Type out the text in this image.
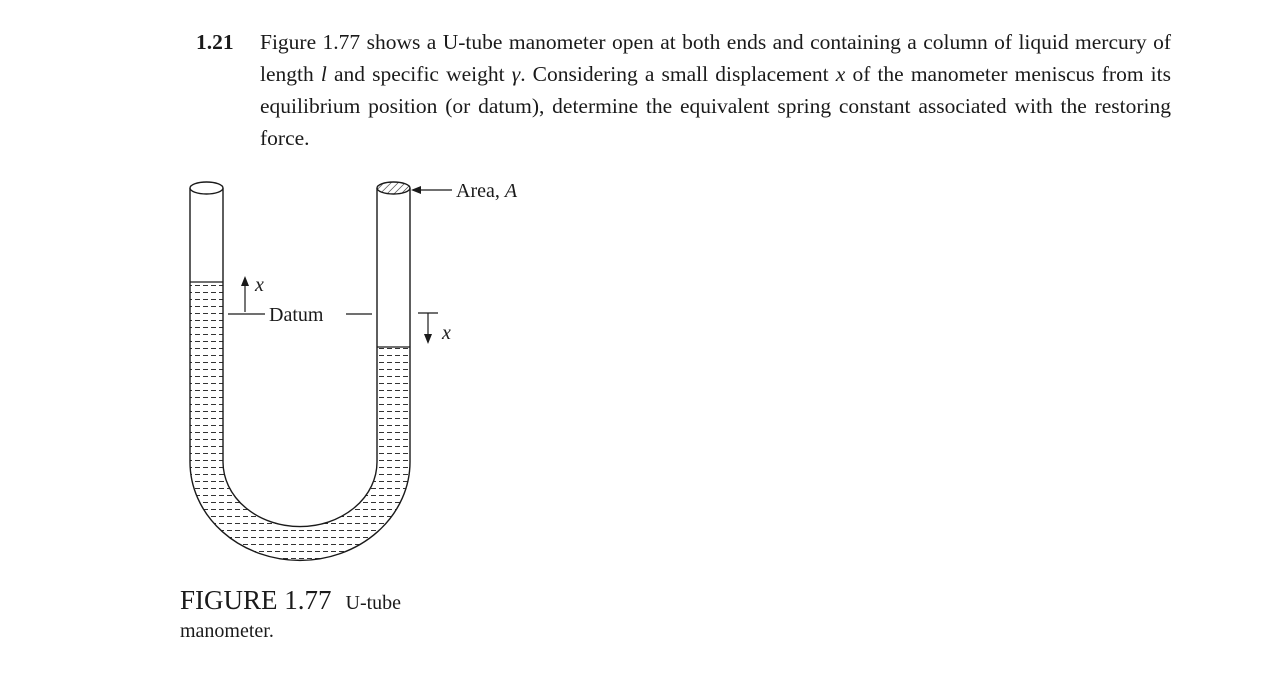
1.21 Figure 1.77 shows a U-tube manometer open at both ends and containing a column of liquid mercury of length l and specific weight γ. Considering a small displacement x of the manometer meniscus from its equilibrium position (or datum), determine the equivalent spring constant associated with the restoring force.
Area, A
Datum
x
x
FIGURE 1.77 U-tube manometer.
